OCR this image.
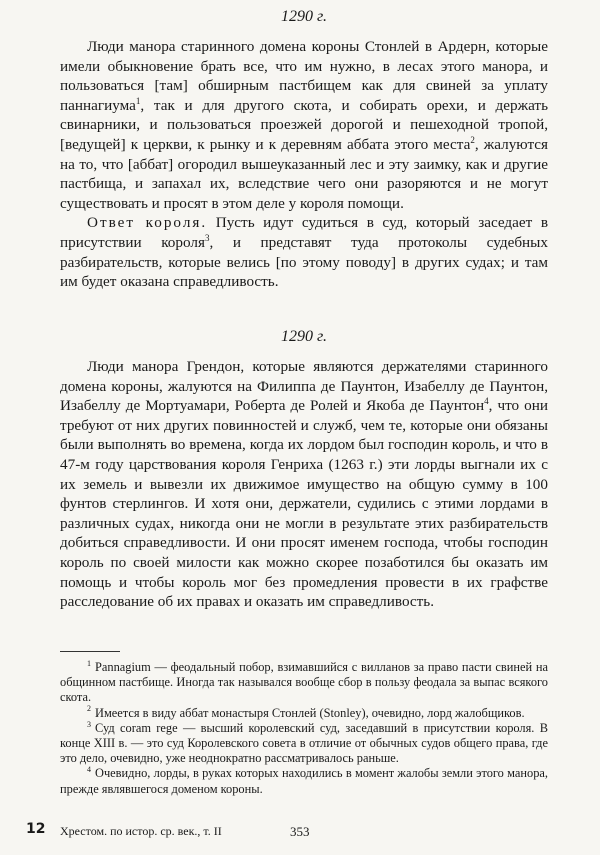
1290 г.

Люди манора старинного домена короны Стонлей в Ардерн, которые имели обыкновение брать все, что им нужно, в лесах этого манора, и пользоваться [там] обширным пастбищем как для свиней за уплату паннагиума$^1$, так и для другого скота, и собирать орехи, и держать свинарники, и пользоваться проезжей дорогой и пешеходной тропой, [ведущей] к церкви, к рынку и к деревням аббата этого места$^2$, жалуются на то, что [аббат] огородил вышеуказанный лес и эту заимку, как и другие пастбища, и запахал их, вследствие чего они разоряются и не могут существовать и просят в этом деле у короля помощи.

Ответ короля. Пусть идут судиться в суд, который заседает в присутствии короля$^3$, и представят туда протоколы судебных разбирательств, которые велись [по этому поводу] в других судах; и там им будет оказана справедливость.

1290 г.

Люди манора Грендон, которые являются держателями старинного домена короны, жалуются на Филиппа де Паунтон, Изабеллу де Паунтон, Изабеллу де Мортуамари, Роберта де Ролей и Якоба де Паунтон$^4$, что они требуют от них других повинностей и служб, чем те, которые они обязаны были выполнять во времена, когда их лордом был господин король, и что в 47-м году царствования короля Генриха (1263 г.) эти лорды выгнали их с их земель и вывезли их движимое имущество на общую сумму в 100 фунтов стерлингов. И хотя они, держатели, судились с этими лордами в различных судах, никогда они не могли в результате этих разбирательств добиться справедливости. И они просят именем господа, чтобы господин король по своей милости как можно скорее позаботился бы оказать им помощь и чтобы король мог без промедления провести в их графстве расследование об их правах и оказать им справедливость.

$^1$ Pannagium — феодальный побор, взимавшийся с вилланов за право пасти свиней на общинном пастбище. Иногда так назывался вообще сбор в пользу феодала за выпас всякого скота.

$^2$ Имеется в виду аббат монастыря Стонлей (Stonley), очевидно, лорд жалобщиков.

$^3$ Суд coram rege — высший королевский суд, заседавший в присутствии короля. В конце XIII в. — это суд Королевского совета в отличие от обычных судов общего права, где это дело, очевидно, уже неоднократно рассматривалось раньше.

$^4$ Очевидно, лорды, в руках которых находились в момент жалобы земли этого манора, прежде являвшегося доменом короны.

12 Хрестом. по истор. ср. век., т. II	353
